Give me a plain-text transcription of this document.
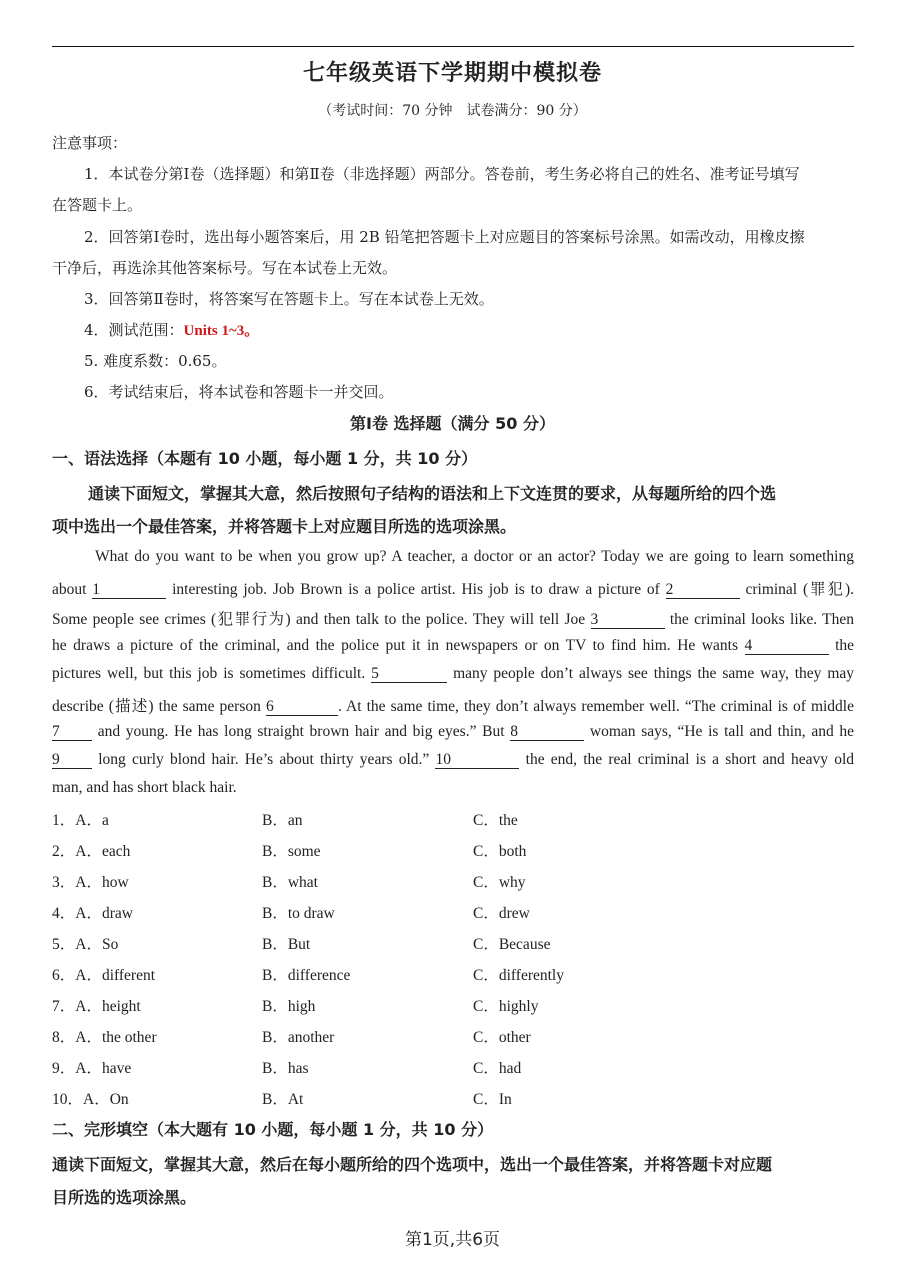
七年级英语下学期期中模拟卷
（考试时间：70 分钟　试卷满分：90 分）
注意事项：
1．本试卷分第Ⅰ卷（选择题）和第Ⅱ卷（非选择题）两部分。答卷前，考生务必将自己的姓名、准考证号填写
在答题卡上。
2．回答第Ⅰ卷时，选出每小题答案后，用 2B 铅笔把答题卡上对应题目的答案标号涂黑。如需改动，用橡皮擦
干净后，再选涂其他答案标号。写在本试卷上无效。
3．回答第Ⅱ卷时，将答案写在答题卡上。写在本试卷上无效。
4．测试范围：Units 1~3。
5. 难度系数：0.65。
6．考试结束后，将本试卷和答题卡一并交回。
第Ⅰ卷 选择题（满分 50 分）
一、语法选择（本题有 10 小题，每小题 1 分，共 10 分）
通读下面短文，掌握其大意，然后按照句子结构的语法和上下文连贯的要求，从每题所给的四个选
项中选出一个最佳答案，并将答题卡上对应题目所选的选项涂黑。
What do you want to be when you grow up? A teacher, a doctor or an actor? Today we are going to learn something
about 1	interesting job. Job Brown is a police artist. His job is to draw a picture of 2	criminal (罪犯).
Some people see crimes (犯罪行为) and then talk to the police. They will tell Joe 3	the criminal looks like. Then
he draws a picture of the criminal, and the police put it in newspapers or on TV to find him. He wants 4	the
pictures well, but this job is sometimes difficult. 5	many people don’t always see things the same way, they may
describe (描述) the same person 6	. At the same time, they don’t always remember well. “The criminal is of middle
7 and young. He has long straight brown hair and big eyes.” But 8	woman says, “He is tall and thin, and he
9 long curly blond hair. He’s about thirty years old.” 10	the end, the real criminal is a short and heavy old
man, and has short black hair.
1．A．a	B．an	C．the
2．A．each	B．some	C．both
3．A．how	B．what	C．why
4．A．draw	B．to draw	C．drew
5．A．So	B．But	C．Because
6．A．different	B．difference	C．differently
7．A．height	B．high	C．highly
8．A．the other	B．another	C．other
9．A．have	B．has	C．had
10．A．On	B．At	C．In
二、完形填空（本大题有 10 小题，每小题 1 分，共 10 分）
通读下面短文，掌握其大意，然后在每小题所给的四个选项中，选出一个最佳答案，并将答题卡对应题
目所选的选项涂黑。
第1页,共6页
